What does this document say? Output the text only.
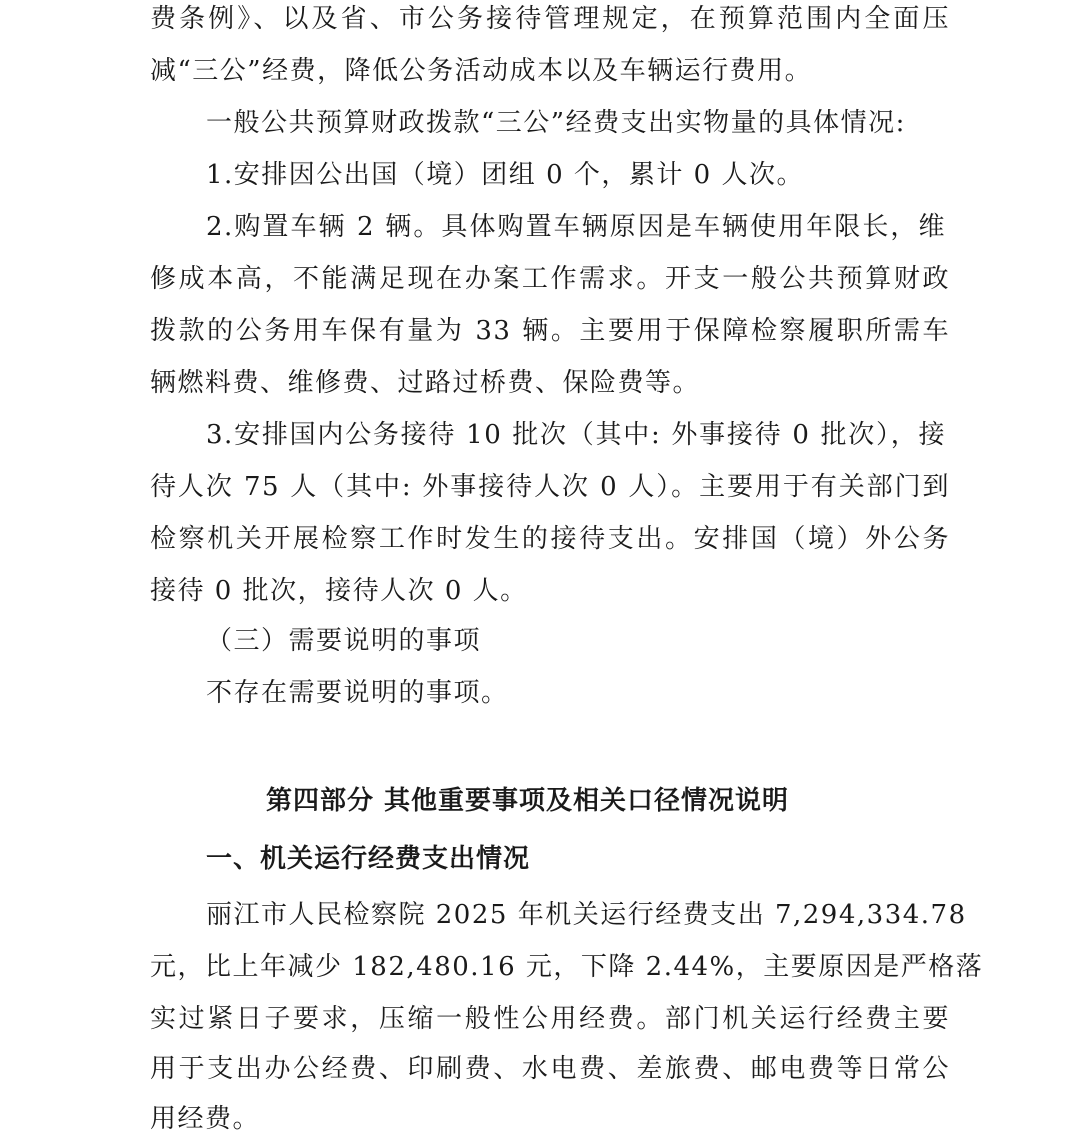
费条例》、以及省、市公务接待管理规定，在预算范围内全面压
减“三公”经费，降低公务活动成本以及车辆运行费用。
一般公共预算财政拨款“三公”经费支出实物量的具体情况:
1.安排因公出国（境）团组 0 个，累计 0 人次。
2.购置车辆 2 辆。具体购置车辆原因是车辆使用年限长，维
修成本高，不能满足现在办案工作需求。开支一般公共预算财政
拨款的公务用车保有量为 33 辆。主要用于保障检察履职所需车
辆燃料费、维修费、过路过桥费、保险费等。
3.安排国内公务接待 10 批次（其中: 外事接待 0 批次），接
待人次 75 人（其中: 外事接待人次 0 人）。主要用于有关部门到
检察机关开展检察工作时发生的接待支出。安排国（境）外公务
接待 0 批次，接待人次 0 人。
（三）需要说明的事项
不存在需要说明的事项。
第四部分 其他重要事项及相关口径情况说明
一、机关运行经费支出情况
丽江市人民检察院 2025 年机关运行经费支出 7,294,334.78
元，比上年减少 182,480.16 元，下降 2.44%，主要原因是严格落
实过紧日子要求，压缩一般性公用经费。部门机关运行经费主要
用于支出办公经费、印刷费、水电费、差旅费、邮电费等日常公
用经费。
